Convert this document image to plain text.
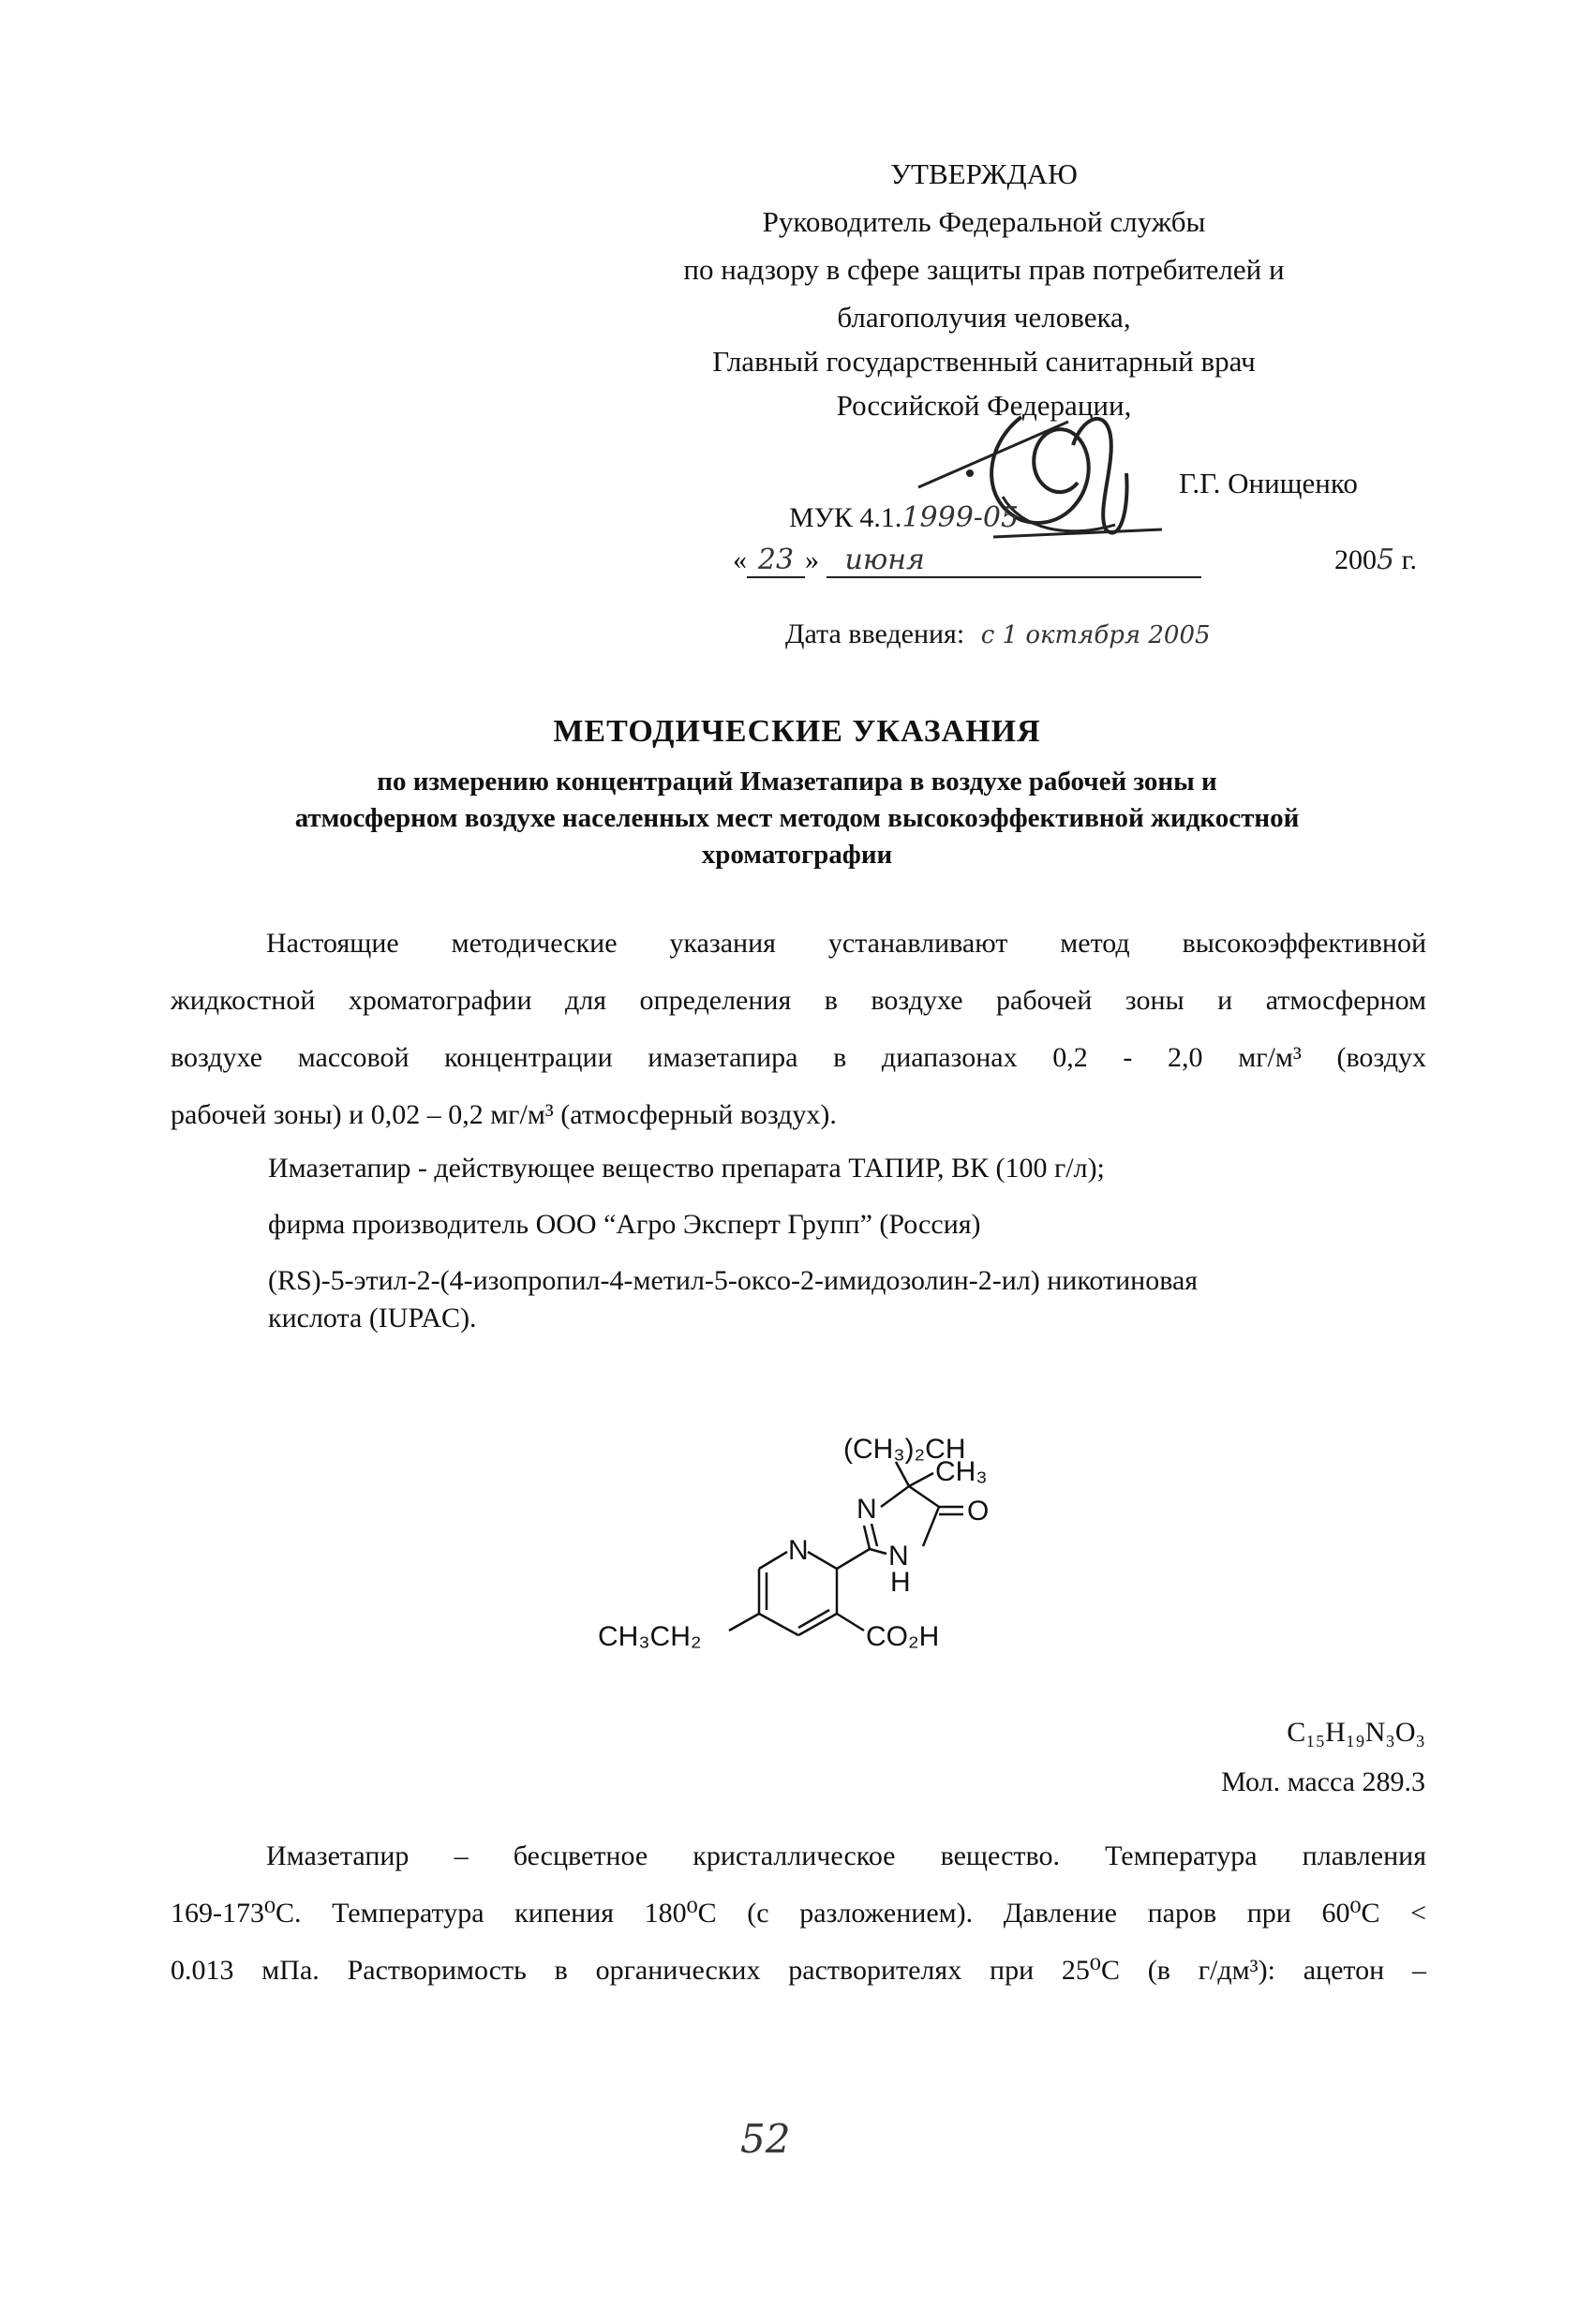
УТВЕРЖДАЮ
Руководитель Федеральной службы
по надзору в сфере защиты прав потребителей и
благополучия человека,
Главный государственный санитарный врач
Российской Федерации,
Г.Г. Онищенко
МУК 4.1.1999-05
« 23 » июня	2005 г.
Дата введения: с 1 октября 2005
МЕТОДИЧЕСКИЕ УКАЗАНИЯ
по измерению концентраций Имазетапира в воздухе рабочей зоны и
атмосферном воздухе населенных мест методом высокоэффективной жидкостной
хроматографии
Настоящие методические указания устанавливают метод высокоэффективной
жидкостной хроматографии для определения в воздухе рабочей зоны и атмосферном
воздухе массовой концентрации имазетапира в диапазонах 0,2 - 2,0 мг/м³ (воздух
рабочей зоны) и 0,02 – 0,2 мг/м³ (атмосферный воздух).
Имазетапир - действующее вещество препарата ТАПИР, ВК (100 г/л);
фирма производитель ООО “Агро Эксперт Групп” (Россия)
(RS)-5-этил-2-(4-изопропил-4-метил-5-оксо-2-имидозолин-2-ил) никотиновая
кислота (IUPAC).
(CH₃)₂CH
CH₃
N	O
N	N
H
CH₃CH₂	CO₂H
C₁₅H₁₉N₃O₃
Мол. масса 289.3
Имазетапир – бесцветное кристаллическое вещество. Температура плавления
169-173⁰С. Температура кипения 180⁰С (с разложением). Давление паров при 60⁰С <
0.013 мПа. Растворимость в органических растворителях при 25⁰С (в г/дм³): ацетон –
52
